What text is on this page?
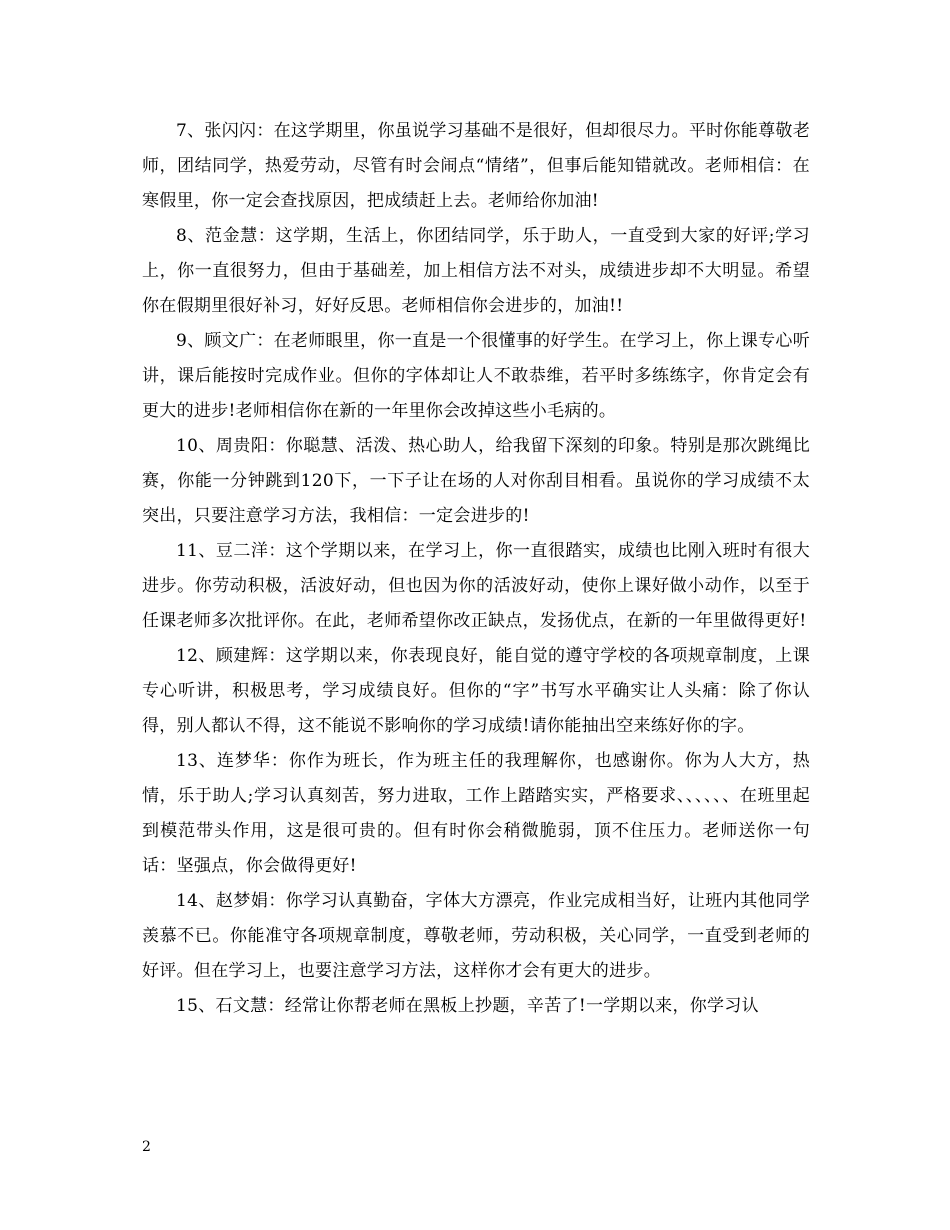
7、张闪闪：在这学期里，你虽说学习基础不是很好，但却很尽力。平时你能尊敬老师，团结同学，热爱劳动，尽管有时会闹点“情绪”，但事后能知错就改。老师相信：在寒假里，你一定会查找原因，把成绩赶上去。老师给你加油!

8、范金慧：这学期，生活上，你团结同学，乐于助人，一直受到大家的好评;学习上，你一直很努力，但由于基础差，加上相信方法不对头，成绩进步却不大明显。希望你在假期里很好补习，好好反思。老师相信你会进步的，加油!!

9、顾文广：在老师眼里，你一直是一个很懂事的好学生。在学习上，你上课专心听讲，课后能按时完成作业。但你的字体却让人不敢恭维，若平时多练练字，你肯定会有更大的进步!老师相信你在新的一年里你会改掉这些小毛病的。

10、周贵阳：你聪慧、活泼、热心助人，给我留下深刻的印象。特别是那次跳绳比赛，你能一分钟跳到120下，一下子让在场的人对你刮目相看。虽说你的学习成绩不太突出，只要注意学习方法，我相信：一定会进步的!

11、豆二洋：这个学期以来，在学习上，你一直很踏实，成绩也比刚入班时有很大进步。你劳动积极，活波好动，但也因为你的活波好动，使你上课好做小动作，以至于任课老师多次批评你。在此，老师希望你改正缺点，发扬优点，在新的一年里做得更好!

12、顾建辉：这学期以来，你表现良好，能自觉的遵守学校的各项规章制度，上课专心听讲，积极思考，学习成绩良好。但你的“字”书写水平确实让人头痛：除了你认得，别人都认不得，这不能说不影响你的学习成绩!请你能抽出空来练好你的字。

13、连梦华：你作为班长，作为班主任的我理解你，也感谢你。你为人大方，热情，乐于助人;学习认真刻苦，努力进取，工作上踏踏实实，严格要求、、、、、、在班里起到模范带头作用，这是很可贵的。但有时你会稍微脆弱，顶不住压力。老师送你一句话：坚强点，你会做得更好!

14、赵梦娟：你学习认真勤奋，字体大方漂亮，作业完成相当好，让班内其他同学羡慕不已。你能准守各项规章制度，尊敬老师，劳动积极，关心同学，一直受到老师的好评。但在学习上，也要注意学习方法，这样你才会有更大的进步。

15、石文慧：经常让你帮老师在黑板上抄题，辛苦了!一学期以来，你学习认

2
